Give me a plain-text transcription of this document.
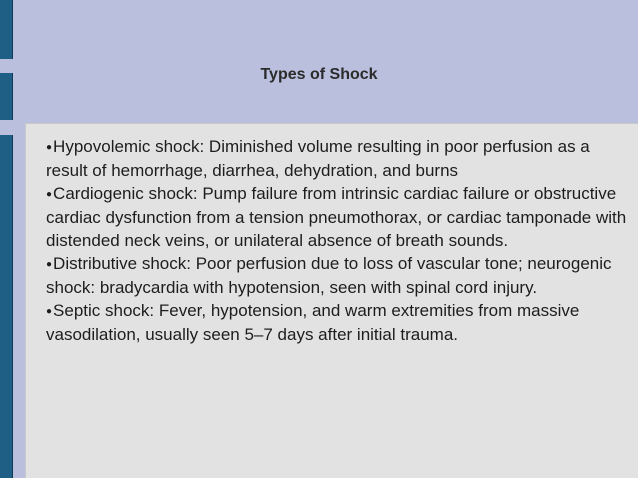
Types of Shock
●Hypovolemic shock: Diminished volume resulting in poor perfusion as a result of hemorrhage, diarrhea, dehydration, and burns
●Cardiogenic shock: Pump failure from intrinsic cardiac failure or obstructive cardiac dysfunction from a tension pneumothorax, or cardiac tamponade with distended neck veins, or unilateral absence of breath sounds.
●Distributive shock: Poor perfusion due to loss of vascular tone; neurogenic shock: bradycardia with hypotension, seen with spinal cord injury.
●Septic shock: Fever, hypotension, and warm extremities from massive vasodilation, usually seen 5–7 days after initial trauma.
